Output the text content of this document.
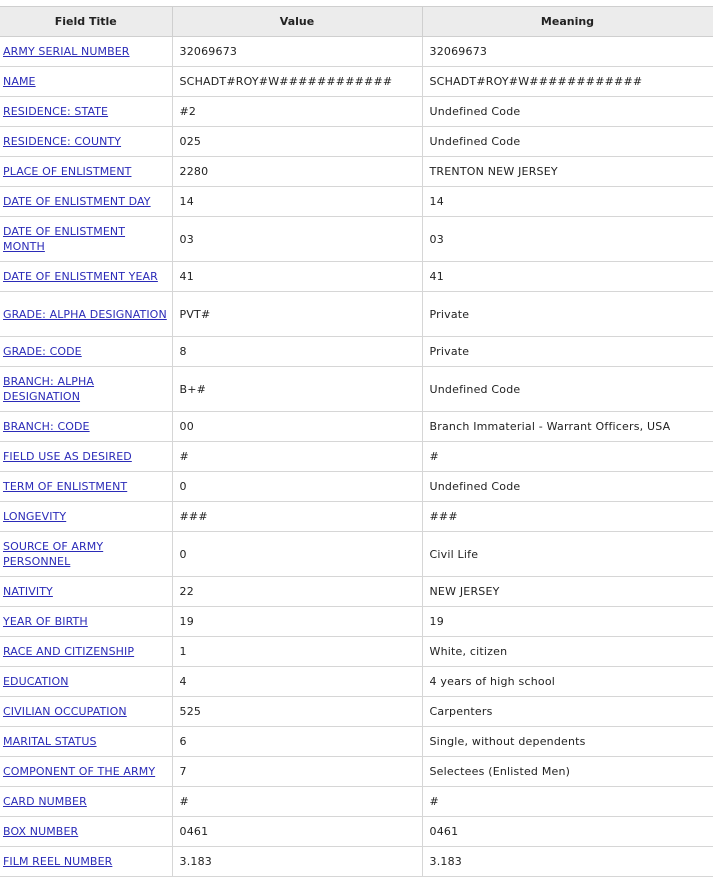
Field Title	Value	Meaning
ARMY SERIAL NUMBER	32069673	32069673
NAME	SCHADT#ROY#W############	SCHADT#ROY#W############
RESIDENCE: STATE	#2	Undefined Code
RESIDENCE: COUNTY	025	Undefined Code
PLACE OF ENLISTMENT	2280	TRENTON NEW JERSEY
DATE OF ENLISTMENT DAY	14	14
DATE OF ENLISTMENT MONTH	03	03
DATE OF ENLISTMENT YEAR	41	41
GRADE: ALPHA DESIGNATION	PVT#	Private
GRADE: CODE	8	Private
BRANCH: ALPHA DESIGNATION	B+#	Undefined Code
BRANCH: CODE	00	Branch Immaterial - Warrant Officers, USA
FIELD USE AS DESIRED	#	#
TERM OF ENLISTMENT	0	Undefined Code
LONGEVITY	###	###
SOURCE OF ARMY PERSONNEL	0	Civil Life
NATIVITY	22	NEW JERSEY
YEAR OF BIRTH	19	19
RACE AND CITIZENSHIP	1	White, citizen
EDUCATION	4	4 years of high school
CIVILIAN OCCUPATION	525	Carpenters
MARITAL STATUS	6	Single, without dependents
COMPONENT OF THE ARMY	7	Selectees (Enlisted Men)
CARD NUMBER	#	#
BOX NUMBER	0461	0461
FILM REEL NUMBER	3.183	3.183
